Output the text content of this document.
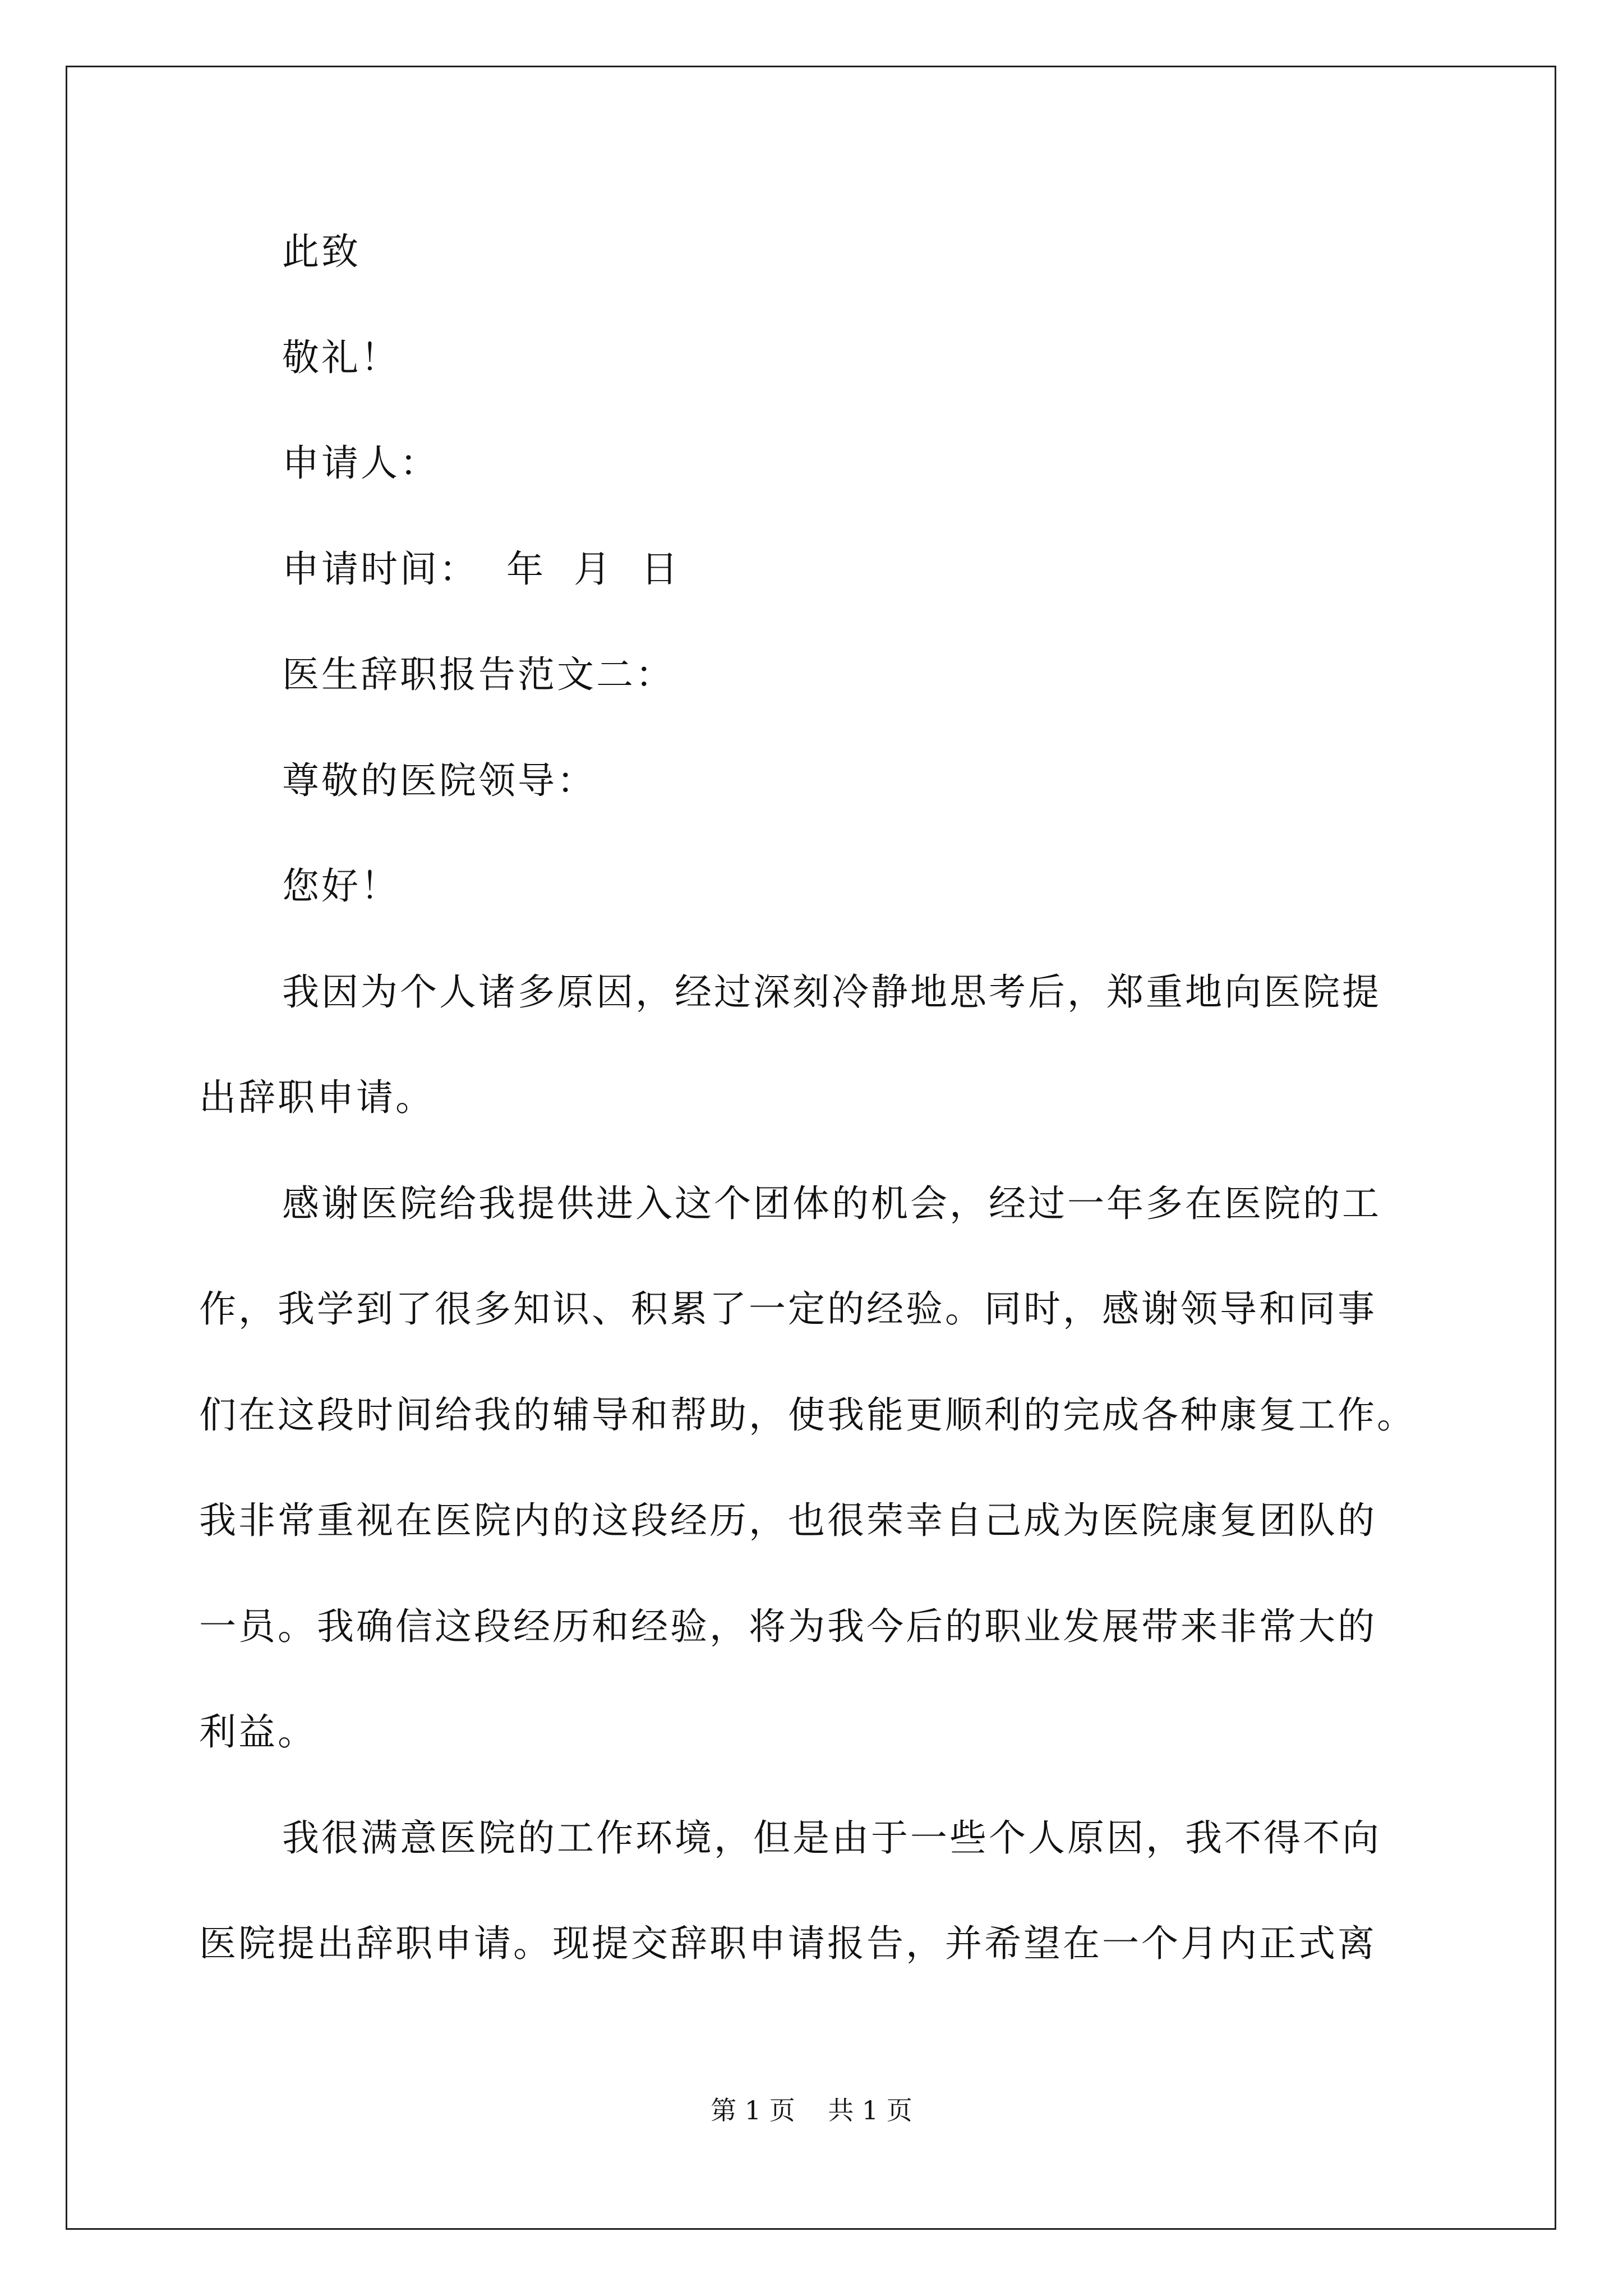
此致
敬礼！
申请人：
申请时间：  年  月  日
医生辞职报告范文二：
尊敬的医院领导：
您好！
我因为个人诸多原因，经过深刻冷静地思考后，郑重地向医院提
出辞职申请。
感谢医院给我提供进入这个团体的机会，经过一年多在医院的工
作，我学到了很多知识、积累了一定的经验。同时，感谢领导和同事
们在这段时间给我的辅导和帮助，使我能更顺利的完成各种康复工作。
我非常重视在医院内的这段经历，也很荣幸自己成为医院康复团队的
一员。我确信这段经历和经验，将为我今后的职业发展带来非常大的
利益。
我很满意医院的工作环境，但是由于一些个人原因，我不得不向
医院提出辞职申请。现提交辞职申请报告，并希望在一个月内正式离
第 1 页    共 1 页
